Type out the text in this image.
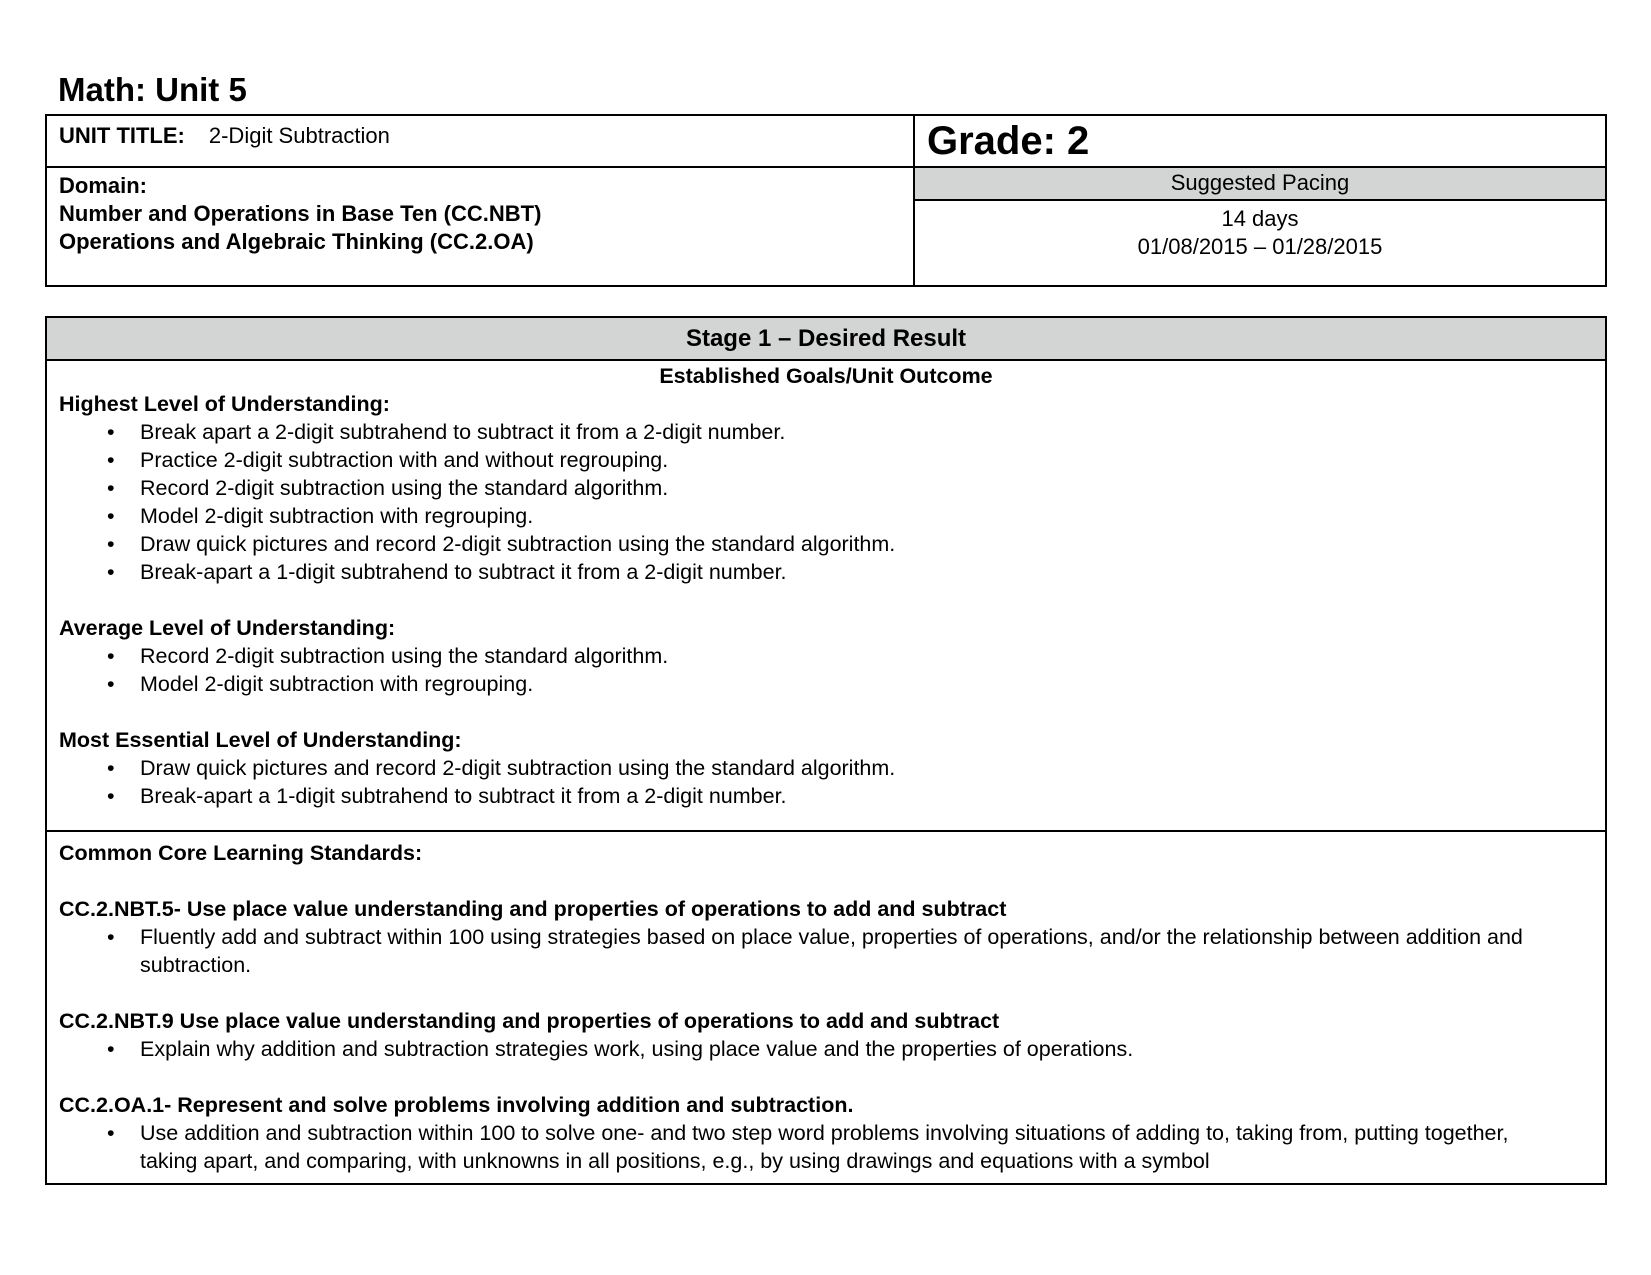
Math: Unit 5
UNIT TITLE: 2-Digit Subtraction
Domain:
Number and Operations in Base Ten (CC.NBT)
Operations and Algebraic Thinking (CC.2.OA)
Grade: 2
Suggested Pacing
14 days
01/08/2015 – 01/28/2015
Stage 1 – Desired Result
Established Goals/Unit Outcome
Highest Level of Understanding:
• Break apart a 2-digit subtrahend to subtract it from a 2-digit number.
• Practice 2-digit subtraction with and without regrouping.
• Record 2-digit subtraction using the standard algorithm.
• Model 2-digit subtraction with regrouping.
• Draw quick pictures and record 2-digit subtraction using the standard algorithm.
• Break-apart a 1-digit subtrahend to subtract it from a 2-digit number.
Average Level of Understanding:
• Record 2-digit subtraction using the standard algorithm.
• Model 2-digit subtraction with regrouping.
Most Essential Level of Understanding:
• Draw quick pictures and record 2-digit subtraction using the standard algorithm.
• Break-apart a 1-digit subtrahend to subtract it from a 2-digit number.
Common Core Learning Standards:
CC.2.NBT.5- Use place value understanding and properties of operations to add and subtract
• Fluently add and subtract within 100 using strategies based on place value, properties of operations, and/or the relationship between addition and subtraction.
CC.2.NBT.9 Use place value understanding and properties of operations to add and subtract
• Explain why addition and subtraction strategies work, using place value and the properties of operations.
CC.2.OA.1- Represent and solve problems involving addition and subtraction.
• Use addition and subtraction within 100 to solve one- and two step word problems involving situations of adding to, taking from, putting together, taking apart, and comparing, with unknowns in all positions, e.g., by using drawings and equations with a symbol
